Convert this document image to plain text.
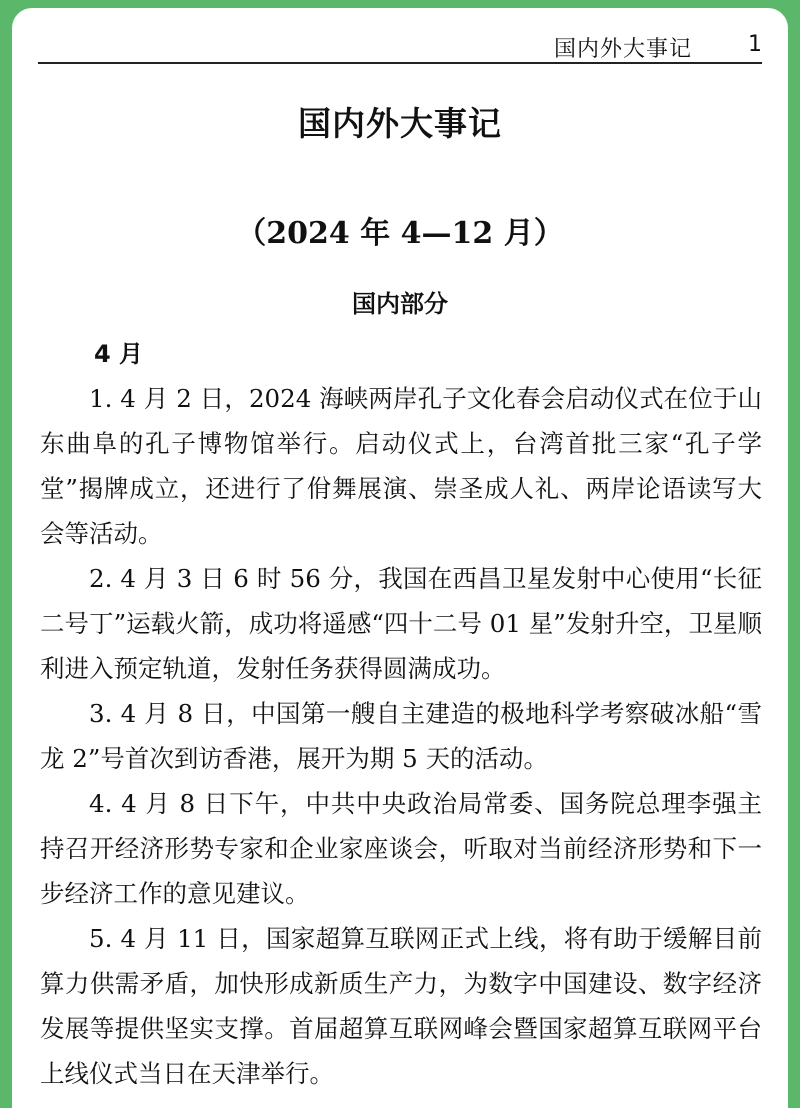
国内外大事记	1
国内外大事记
（2024 年 4—12 月）
国内部分
4 月

1. 4 月 2 日，2024 海峡两岸孔子文化春会启动仪式在位于山东曲阜的孔子博物馆举行。启动仪式上，台湾首批三家“孔子学堂”揭牌成立，还进行了佾舞展演、崇圣成人礼、两岸论语读写大会等活动。

2. 4 月 3 日 6 时 56 分，我国在西昌卫星发射中心使用“长征二号丁”运载火箭，成功将遥感“四十二号 01 星”发射升空，卫星顺利进入预定轨道，发射任务获得圆满成功。

3. 4 月 8 日，中国第一艘自主建造的极地科学考察破冰船“雪龙 2”号首次到访香港，展开为期 5 天的活动。

4. 4 月 8 日下午，中共中央政治局常委、国务院总理李强主持召开经济形势专家和企业家座谈会，听取对当前经济形势和下一步经济工作的意见建议。

5. 4 月 11 日，国家超算互联网正式上线，将有助于缓解目前算力供需矛盾，加快形成新质生产力，为数字中国建设、数字经济发展等提供坚实支撑。首届超算互联网峰会暨国家超算互联网平台上线仪式当日在天津举行。
